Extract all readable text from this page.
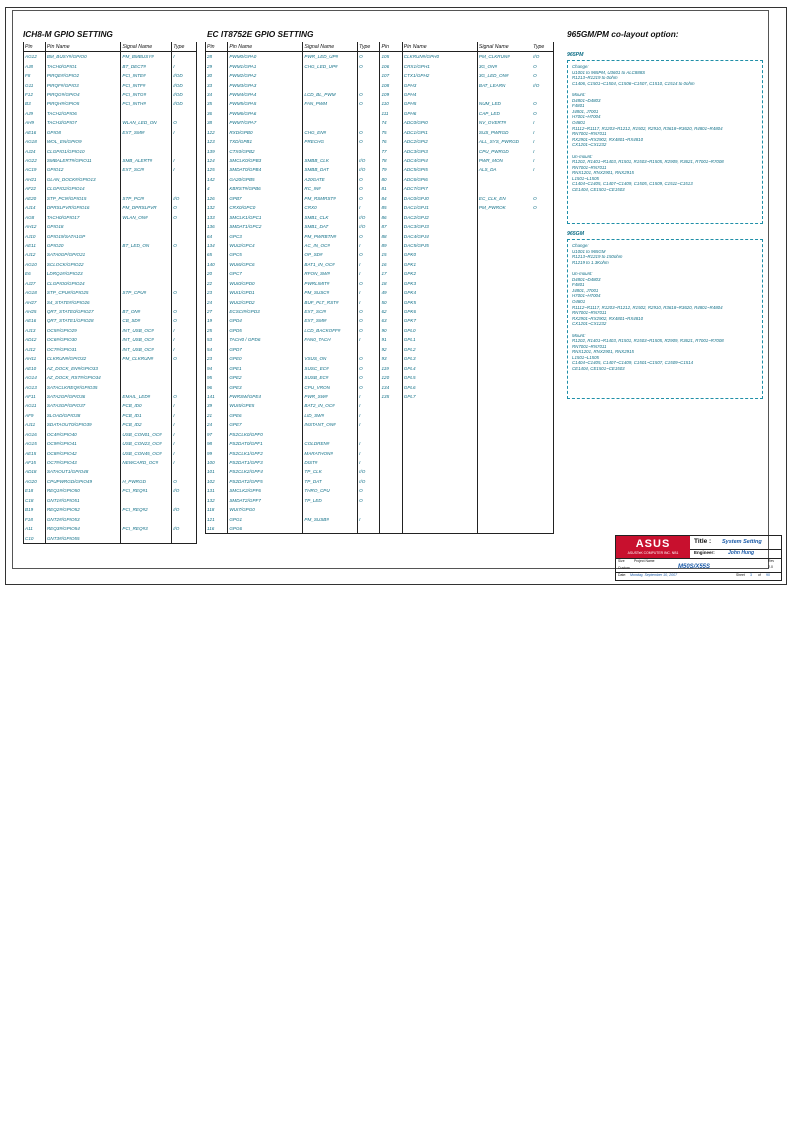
ICH8-M GPIO SETTING	EC IT8752E GPIO SETTING	965GM/PM co-layout option:
Pin	Pin Name	Signal Name	Type
AG12	BM_BUSY#/GPIO0	PM_BMBUSY#	I
AJ8	TACH0/GPIO1	BT_DECT#	I
F8	PIRQE#/GPIO2	PCI_INTE#	I/OD
G11	PIRQF#/GPIO3	PCI_INTF#	I/OD
F12	PIRQG#/GPIO4	PCI_INTG#	I/OD
B3	PIRQH#/GPIO5	PCI_INTH#	I/OD
AJ9	TACH2/GPIO6		
AH9	TACH3/GPIO7	WLAN_LED_ON	O
AE16	GPIO8	EXT_SMI#	I
AG18	WOL_EN/GPIO9		
AJ24	CLGPIO1/GPIO10		
AG22	SMBALERT#/GPIO11	SMB_ALERT#	I
AC19	GPIO12	EXT_SCI#	I
AH21	GLAN_DOCK#/GPIO13		
AF22	CLGPIO2/GPIO14		
AE20	STP_PCI#/GPIO15	STP_PCI#	I/O
AJ14	DPRSLPVR/GPIO16	PM_DPRSLPVR	O
AG8	TACH0/GPIO17	WLAN_ON#	O
AH12	GPIO18		
AJ10	GPIO19/SATA1GP		
AE11	GPIO20	BT_LED_ON	O
AJ12	SATA0GP/GPIO21		
AG10	SCLOCK/GPIO22		
E6	LDRQ1#/GPIO23		
AJ27	CLGPIO0/GPIO24		
AG18	STP_CPU#/GPIO25	STP_CPU#	O
AH27	S4_STATE#/GPIO26		
AH25	QRT_STATE0/GPIO27	BT_ON#	O
AE16	QRT_STATE1/GPIO28	CB_SD#	O
AJ13	OC5#/GPIO29	INT_USB_OC#	I
AD12	OC6#/GPIO30	INT_USB_OC#	I
AJ12	OC7#/GPIO31	INT_USB_OC#	I
AH11	CLKRUN#/GPIO32	PM_CLKRUN#	O
AE10	AZ_DOCK_EN#/GPIO33		
AG14	AZ_DOCK_RST#/GPIO34		
AG13	SATACLKREQ#/GPIO35		
AF11	SATA2GP/GPIO36	EMAIL_LED#	O
AG11	SATA3GP/GPIO37	PCB_ID0	I
AF9	SLOAD/GPIO38	PCB_ID1	I
AJ11	SDATAOUT0/GPIO39	PCB_ID2	I
AG16	OC4#/GPIO40	USB_CON01_OC#	I
AG15	OC9#/GPIO41	USB_CON23_OC#	I
AE15	OC8#/GPIO42	USB_CON45_OC#	I
AF15	OC7#/GPIO43	NEWCARD_OC#	I
AD18	SATAOUT1/GPIO48		
AG20	CPUPWRGD/GPIO49	H_PWRGD	O
E18	REQ1#/GPIO50	PCI_REQ#1	I/O
C18	GNT1#/GPIO51		
B19	REQ2#/GPIO52	PCI_REQ#2	I/O
F18	GNT2#/GPIO53		
A11	REQ3#/GPIO54	PCI_REQ#3	I/O
C10	GNT3#/GPIO55		
Pin	Pin Name	Signal Name	Type	Pin	Pin Name	Signal Name	Type
28	PWM0/GPA0	PWR_LED_UP#	O	105	CLKRUN#/GPH0	PM_CLKRUN#	I/O
29	PWM1/GPA1	CHG_LED_UP#	O	106	CRX1/GPH1	3G_ON#	O
30	PWM2/GPA2			107	CTX1/GPH2	3G_LED_ON#	O
33	PWM3/GPA3			108	GPH3	BAT_LEARN	I/O
34	PWM4/GPA4	LCD_BL_PWM	O	109	GPH4		
35	PWM5/GPA5	FAN_PWM	O	110	GPH5	NUM_LED	O
36	PWM6/GPA6			111	GPH6	CAP_LED	O
38	PWM7/GPA7			74	ADC0/GPI0	NV_OVERT#	I
122	RXD/GPB0	CHG_EN#	O	75	ADC1/GPI1	SUS_PWRGD	I
123	TXD/GPB1	PRECHG	O	76	ADC2/GPI2	ALL_SYS_PWRGD	I
139	CTX0/GPB2			77	ADC3/GPI3	CPU_PWRGD	I
124	SMCLK0/GPB3	SMBB_CLK	I/O	78	ADC4/GPI4	PWR_MON	I
125	SMDAT0/GPB4	SMBB_DAT	I/O	79	ADC5/GPI5	ALS_DA	I
142	GA20/GPB5	A20GATE	O	80	ADC6/GPI6		
4	KBRST#/GPB6	RC_IN#	O	81	ADC7/GPI7		
126	GPB7	PM_RSMRST#	O	84	DAC0/GPJ0	EC_CLK_EN	O
132	CRX0/GPC0	CRX0	I	85	DAC1/GPJ1	PM_PWROK	O
133	SMCLK1/GPC1	SMB1_CLK	I/O	86	DAC2/GPJ2		
136	SMDAT1/GPC2	SMB1_DAT	I/O	87	DAC3/GPJ3		
64	GPC3	PM_PWRBTN#	O	88	DAC4/GPJ4		
134	WUI2/GPC4	AC_IN_OC#	I	89	DAC5/GPJ5		
65	GPC5	OP_SD#	O	15	GPK0		
140	WUI6/GPC6	BAT1_IN_OC#	I	16	GPK1		
20	GPC7	RFON_SW#	I	17	GPK2		
22	WUI0/GPD0	PWRLIMIT#	O	18	GPK3		
23	WUI1/GPD1	PM_SUSC#	I	49	GPK4		
24	WUI2/GPD2	BUF_PLT_RST#	I	50	GPK5		
27	ECSCI#/GPD3	EXT_SCI#	O	62	GPK6		
19	GPD4	EXT_SMI#	O	63	GPK7		
25	GPD5	LCD_BACKOFF#	O	90	GPL0		
53	TACH0 / GPD6	FAN0_TACH	I	91	GPL1		
54	GPD7			92	GPL2		
23	GPE0	VSUS_ON	O	93	GPL3		
94	GPE1	SUSC_EC#	O	119	GPL4		
95	GPE2	SUSB_EC#	O	120	GPL5		
96	GPE3	CPU_VRON	O	134	GPL6		
141	PWRSW/GPE4	PWR_SW#	I	135	GPL7		
39	WUI5/GPE5	BAT2_IN_OC#	I				
21	GPE6	LID_SW#	I				
24	GPE7	INSTANT_ON#	I				
97	PS2CLK0/GPF0						
98	PS2DAT0/GPF1	COLDREN#	I				
99	PS2CLK1/GPF2	MARATHON#	I				
100	PS2DAT1/GPF3	DIST#	I				
101	PS2CLK2/GPF4	TP_CLK	I/O				
102	PS2DAT2/GPF5	TP_DAT	I/O				
131	SMCLK2/GPF6	THRO_CPU	O				
132	SMDAT2/GPF7	TP_LED	O				
118	WUI7/GPG0						
121	GPG1	PM_SUSB#	I				
116	GPG6						
965PM
Change:
U1001 to 965PM, U3601 to ALC888S
R1213~R1219 to 0ohm
C1406, C1501~C1504, C1506~C1507, C1510, C1514 to 0ohm
Mount:
D4801~D4803
F4801
J4801, J7001
H7001~H7004
O4801
R1112~R1117, R1203~R1212, R1502, R2910, R3618~R3620, R4801~R4804
RN7001~RN7011
RX2901~RX2902, RX4801~RX4810
CX1201~CX1232
Un-mount:
R1202, R1401~R1403, R1501, R1503~R1505, R2909, R3621, R7001~R7008
RN7001~RN7011
RNX1201, RNX2901, RNX2915
L1501~L1505
C1404~C1405, C1407~C1409, C1505, C1509, C1511~C1513
CE1404, CE1501~CE1503
965GM
Change:
U1001 to 965GM
R1213~R1219 to 150ohm
R1219 to 1.3Kohm
Un-mount:
D4801~D4803
F4801
J4801, J7001
H7001~H7004
O4801
R1112~R1117, R1203~R1212, R1502, R2910, R3618~R3620, R4801~R4804
RN7001~RN7011
RX2901~RX2902, RX4801~RX4810
CX1201~CX1232
Mount:
R1202, R1401~R1403, R1501, R1503~R1505, R2909, R3621, R7001~R7008
RN7001~RN7011
RNX1201, RNX2901, RNX2915
L1501~L1505
C1404~C1405, C1407~C1409, C1501~C1507, C1509~C1514
CE1404, CE1501~CE1503
ASUS
ASUSTeK COMPUTER INC. NB1
Title : System Setting
Engineer:	John Hung
Size	Project Name	Rev
Custom	M50S/X55S	2.0
Date: Monday, September 10, 2007	Sheet 3 of 90
